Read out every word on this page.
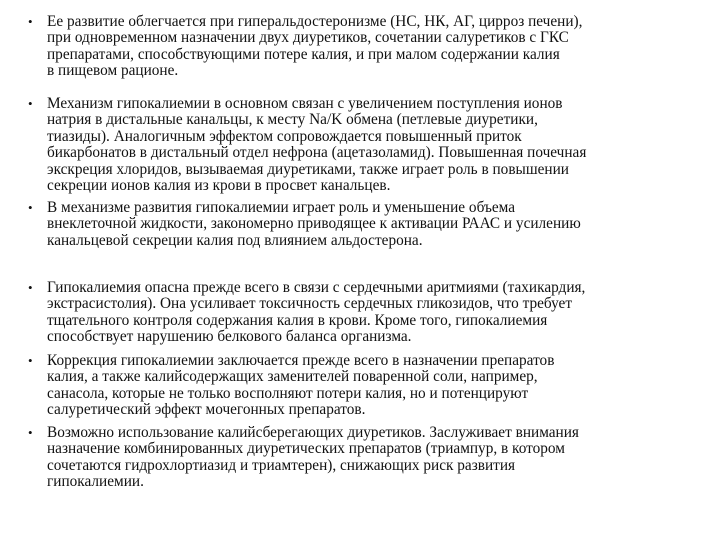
• Ее развитие облегчается при гиперальдостеронизме (НС, НК, АГ, цирроз печени),
при одновременном назначении двух диуретиков, сочетании салуретиков с ГКС
препаратами, способствующими потере калия, и при малом содержании калия
в пищевом рационе.
• Механизм гипокалиемии в основном связан с увеличением поступления ионов
натрия в дистальные канальцы, к месту Na/K обмена (петлевые диуретики,
тиазиды). Аналогичным эффектом сопровождается повышенный приток
бикарбонатов в дистальный отдел нефрона (ацетазоламид). Повышенная почечная
экскреция хлоридов, вызываемая диуретиками, также играет роль в повышении
секреции ионов калия из крови в просвет канальцев.
• В механизме развития гипокалиемии играет роль и уменьшение объема
внеклеточной жидкости, закономерно приводящее к активации РААС и усилению
канальцевой секреции калия под влиянием альдостерона.
• Гипокалиемия опасна прежде всего в связи с сердечными аритмиями (тахикардия,
экстрасистолия). Она усиливает токсичность сердечных гликозидов, что требует
тщательного контроля содержания калия в крови. Кроме того, гипокалиемия
способствует нарушению белкового баланса организма.
• Коррекция гипокалиемии заключается прежде всего в назначении препаратов
калия, а также калийсодержащих заменителей поваренной соли, например,
санасола, которые не только восполняют потери калия, но и потенцируют
салуретический эффект мочегонных препаратов.
• Возможно использование калийсберегающих диуретиков. Заслуживает внимания
назначение комбинированных диуретических препаратов (триампур, в котором
сочетаются гидрохлортиазид и триамтерен), снижающих риск развития
гипокалиемии.
